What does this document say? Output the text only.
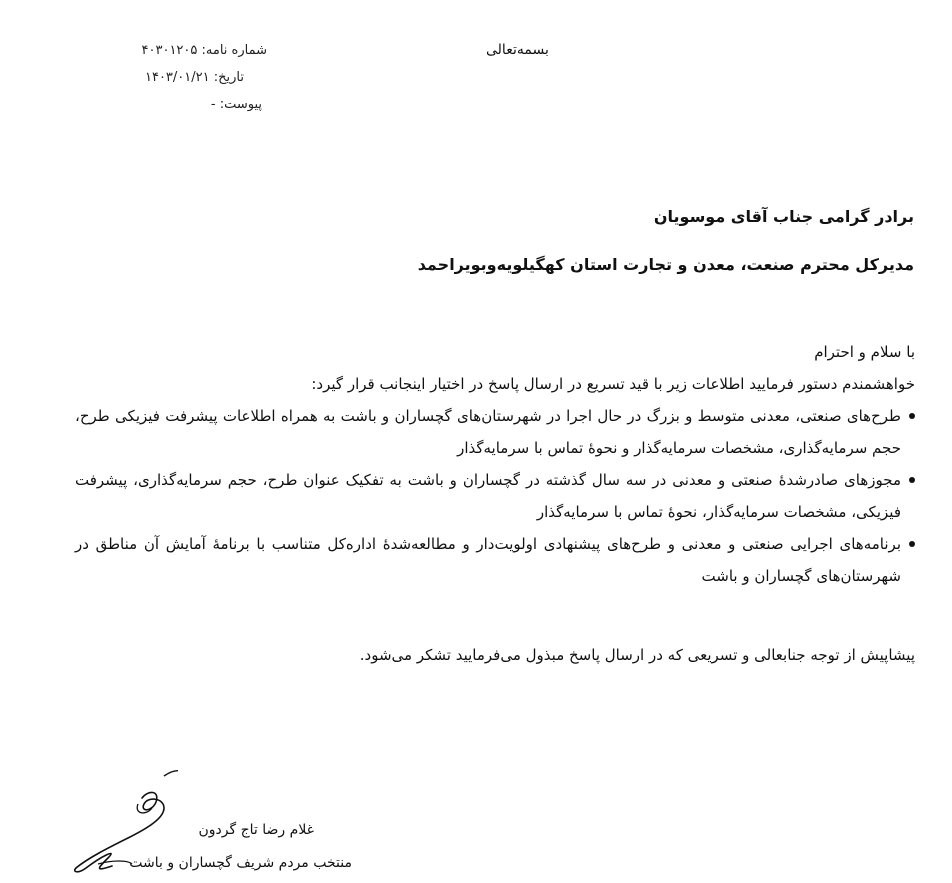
بسمه‌تعالی
شماره نامه: ۴۰۳۰۱۲۰۵
تاریخ: ۱۴۰۳/۰۱/۲۱
پیوست: -
برادر گرامی جناب آقای موسویان
مدیرکل محترم صنعت، معدن و تجارت استان کهگیلویه‌وبویراحمد
با سلام و احترام
خواهشمندم دستور فرمایید اطلاعات زیر با قید تسریع در ارسال پاسخ در اختیار اینجانب قرار گیرد:
طرح‌های صنعتی، معدنی متوسط و بزرگ در حال اجرا در شهرستان‌های گچساران و باشت به همراه اطلاعات پیشرفت فیزیکی طرح، حجم سرمایه‌گذاری، مشخصات سرمایه‌گذار و نحوهٔ تماس با سرمایه‌گذار
مجوزهای صادرشدهٔ صنعتی و معدنی در سه سال گذشته در گچساران و باشت به تفکیک عنوان طرح، حجم سرمایه‌گذاری، پیشرفت فیزیکی، مشخصات سرمایه‌گذار، نحوهٔ تماس با سرمایه‌گذار
برنامه‌های اجرایی صنعتی و معدنی و طرح‌های پیشنهادی اولویت‌دار و مطالعه‌شدهٔ اداره‌کل متناسب با برنامهٔ آمایش آن مناطق در شهرستان‌های گچساران و باشت
پیشاپیش از توجه جنابعالی و تسریعی که در ارسال پاسخ مبذول می‌فرمایید تشکر می‌شود.
غلام رضا تاج گردون
منتخب مردم شریف گچساران و باشت
